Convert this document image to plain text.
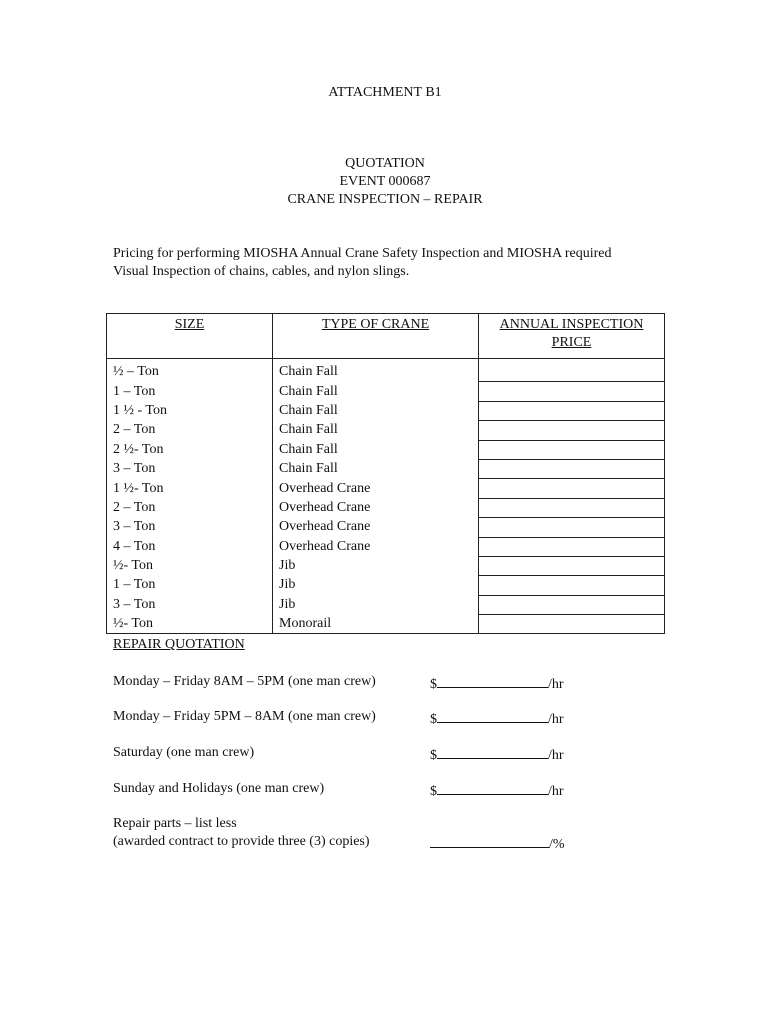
ATTACHMENT B1
QUOTATION
EVENT 000687
CRANE INSPECTION – REPAIR
Pricing for performing MIOSHA Annual Crane Safety Inspection and MIOSHA required
Visual Inspection of chains, cables, and nylon slings.
SIZE	TYPE OF CRANE	ANNUAL INSPECTION
PRICE
½ – Ton	Chain Fall	
1 – Ton	Chain Fall	
1 ½ - Ton	Chain Fall	
2 – Ton	Chain Fall	
2 ½- Ton	Chain Fall	
3 – Ton	Chain Fall	
1 ½- Ton	Overhead Crane	
2 – Ton	Overhead Crane	
3 – Ton	Overhead Crane	
4 – Ton	Overhead Crane	
½- Ton	Jib	
1 – Ton	Jib	
3 – Ton	Jib	
½- Ton	Monorail	
REPAIR QUOTATION
Monday – Friday 8AM – 5PM (one man crew)	$	/hr
Monday – Friday 5PM – 8AM (one man crew)	$	/hr
Saturday (one man crew)	$	/hr
Sunday and Holidays (one man crew)	$	/hr
Repair parts – list less
(awarded contract to provide three (3) copies)	/%
